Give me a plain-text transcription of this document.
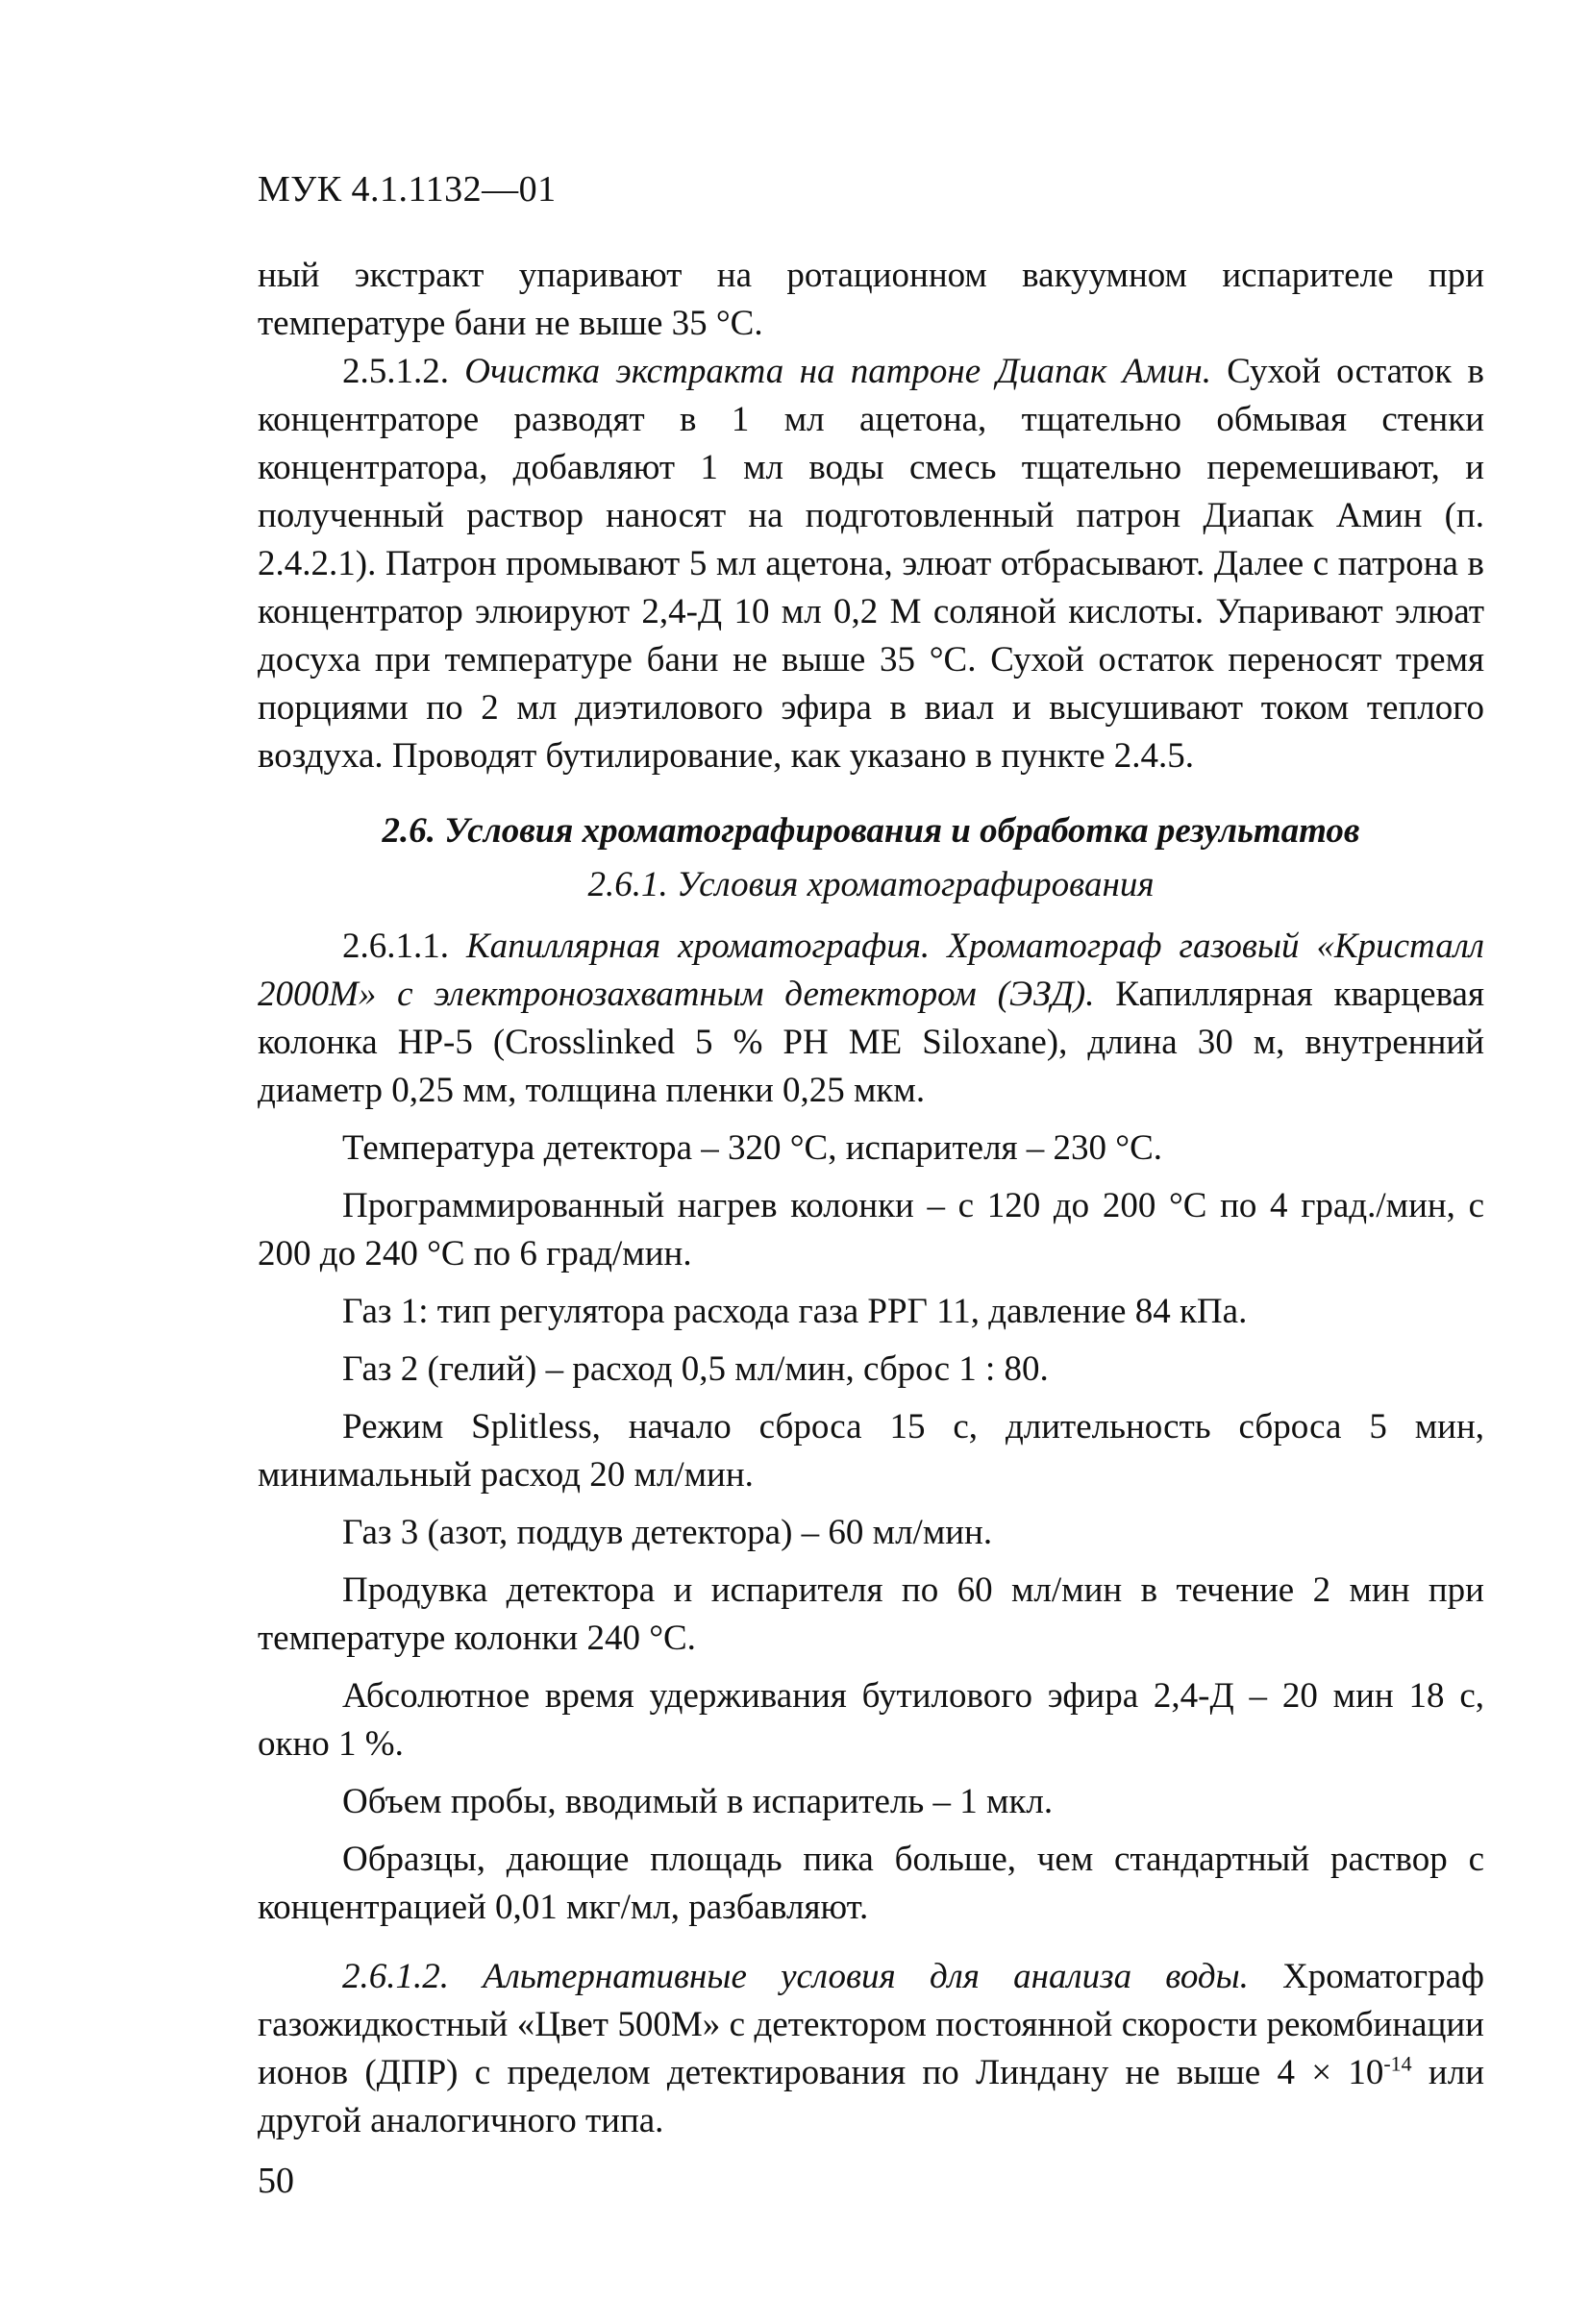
МУК 4.1.1132—01

ный экстракт упаривают на ротационном вакуумном испарителе при температуре бани не выше 35 °С.

2.5.1.2. Очистка экстракта на патроне Диапак Амин. Сухой остаток в концентраторе разводят в 1 мл ацетона, тщательно обмывая стенки концентратора, добавляют 1 мл воды смесь тщательно перемешивают, и полученный раствор наносят на подготовленный патрон Диапак Амин (п. 2.4.2.1). Патрон промывают 5 мл ацетона, элюат отбрасывают. Далее с патрона в концентратор элюируют 2,4-Д 10 мл 0,2 М соляной кислоты. Упаривают элюат досуха при температуре бани не выше 35 °С. Сухой остаток переносят тремя порциями по 2 мл диэтилового эфира в виал и высушивают током теплого воздуха. Проводят бутилирование, как указано в пункте 2.4.5.

2.6. Условия хроматографирования и обработка результатов

2.6.1. Условия хроматографирования

2.6.1.1. Капиллярная хроматография. Хроматограф газовый «Кристалл 2000М» с электронозахватным детектором (ЭЗД). Капиллярная кварцевая колонка НР-5 (Crosslinked 5 % PH ME Siloxane), длина 30 м, внутренний диаметр 0,25 мм, толщина пленки 0,25 мкм.

Температура детектора – 320 °С, испарителя – 230 °С.

Программированный нагрев колонки – с 120 до 200 °С по 4 град./мин, с 200 до 240 °С по 6 град/мин.

Газ 1: тип регулятора расхода газа РРГ 11, давление 84 кПа.

Газ 2 (гелий) – расход 0,5 мл/мин, сброс 1 : 80.

Режим Splitless, начало сброса 15 с, длительность сброса 5 мин, минимальный расход 20 мл/мин.

Газ 3 (азот, поддув детектора) – 60 мл/мин.

Продувка детектора и испарителя по 60 мл/мин в течение 2 мин при температуре колонки 240 °С.

Абсолютное время удерживания бутилового эфира 2,4-Д – 20 мин 18 с, окно 1 %.

Объем пробы, вводимый в испаритель – 1 мкл.

Образцы, дающие площадь пика больше, чем стандартный раствор с концентрацией 0,01 мкг/мл, разбавляют.

2.6.1.2. Альтернативные условия для анализа воды. Хроматограф газожидкостный «Цвет 500М» с детектором постоянной скорости рекомбинации ионов (ДПР) с пределом детектирования по Линдану не выше $4 \times 10^{-14}$ или другой аналогичного типа.

50
